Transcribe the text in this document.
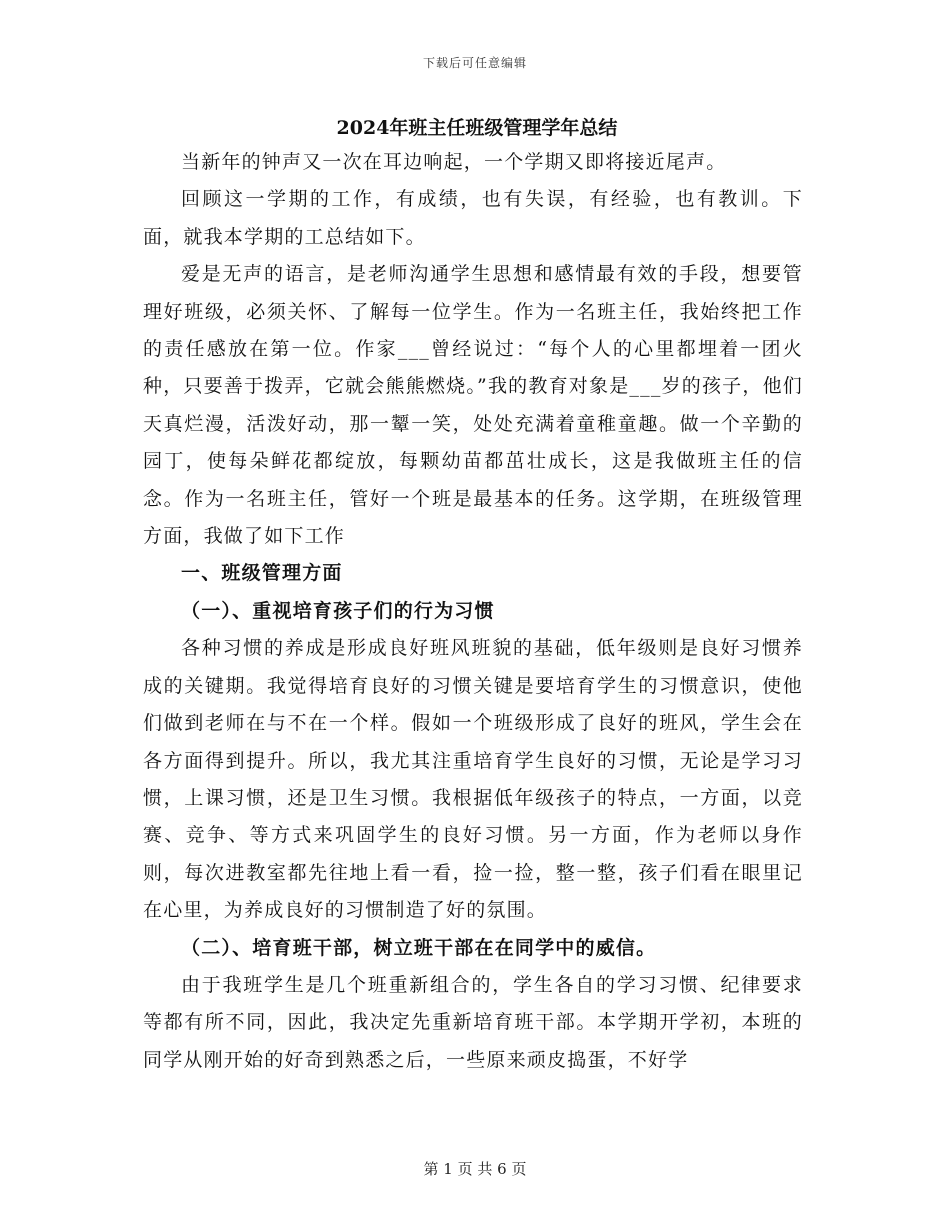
下载后可任意编辑

2024年班主任班级管理学年总结

当新年的钟声又一次在耳边响起，一个学期又即将接近尾声。

回顾这一学期的工作，有成绩，也有失误，有经验，也有教训。下面，就我本学期的工总结如下。

爱是无声的语言，是老师沟通学生思想和感情最有效的手段，想要管理好班级，必须关怀、了解每一位学生。作为一名班主任，我始终把工作的责任感放在第一位。作家___曾经说过：“每个人的心里都埋着一团火种，只要善于拨弄，它就会熊熊燃烧。”我的教育对象是___岁的孩子，他们天真烂漫，活泼好动，那一颦一笑，处处充满着童稚童趣。做一个辛勤的园丁，使每朵鲜花都绽放，每颗幼苗都茁壮成长，这是我做班主任的信念。作为一名班主任，管好一个班是最基本的任务。这学期，在班级管理方面，我做了如下工作

一、班级管理方面

（一）、重视培育孩子们的行为习惯

各种习惯的养成是形成良好班风班貌的基础，低年级则是良好习惯养成的关键期。我觉得培育良好的习惯关键是要培育学生的习惯意识，使他们做到老师在与不在一个样。假如一个班级形成了良好的班风，学生会在各方面得到提升。所以，我尤其注重培育学生良好的习惯，无论是学习习惯，上课习惯，还是卫生习惯。我根据低年级孩子的特点，一方面，以竞赛、竞争、等方式来巩固学生的良好习惯。另一方面，作为老师以身作则，每次进教室都先往地上看一看，捡一捡，整一整，孩子们看在眼里记在心里，为养成良好的习惯制造了好的氛围。

（二）、培育班干部，树立班干部在在同学中的威信。

由于我班学生是几个班重新组合的，学生各自的学习习惯、纪律要求等都有所不同，因此，我决定先重新培育班干部。本学期开学初，本班的同学从刚开始的好奇到熟悉之后，一些原来顽皮捣蛋，不好学

第 1 页 共 6 页
